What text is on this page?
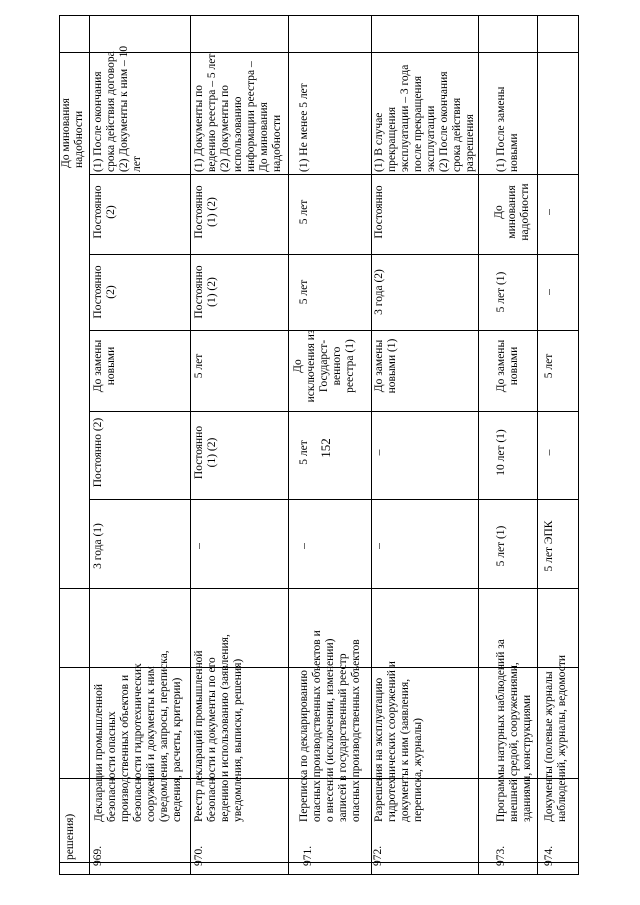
152
решения)
До минования
надобности
969.
Декларации промышленной
безопасности опасных
производственных объектов и
безопасности гидротехнических
сооружений и документы к ним
(уведомления, запросы, переписка,
сведения, расчеты, критерии)
3 года (1)
Постоянно (2)
До замены
новыми
Постоянно
(2)
Постоянно
(2)
(1) После окончания
срока действия договора
(2) Документы к ним – 10
лет
970.
Реестр деклараций промышленной
безопасности и документы по его
ведению и использованию (заявления,
уведомления, выписки, решения)
–
Постоянно
(1) (2)
5 лет
Постоянно
(1) (2)
Постоянно
(1) (2)
(1) Документы по
ведению реестра – 5 лет
(2) Документы по
использованию
информации реестра –
До минования
надобности
971.
Переписка по декларированию
опасных производственных объектов и
о внесении (исключении, изменении)
записей в государственный реестр
опасных производственных объектов
–
5 лет
До
исключения из
Государст-
венного
реестра (1)
5 лет
5 лет
(1) Не менее 5 лет
972.
Разрешения на эксплуатацию
гидротехнических сооружений и
документы к ним (заявления,
переписка, журналы)
–
–
До замены
новыми (1)
3 года (2)
Постоянно
(1) В случае
прекращения
эксплуатации – 3 года
после прекращения
эксплуатации
(2) После окончания
срока действия
разрешения
973.
Программы натурных наблюдений за
внешней средой, сооружениями,
зданиями, конструкциями
5 лет (1)
10 лет (1)
До замены
новыми
5 лет (1)
До
минования
надобности
(1) После замены
новыми
974.
Документы (полевые журналы
наблюдений, журналы, ведомости
5 лет ЭПК
–
5 лет
–
–
